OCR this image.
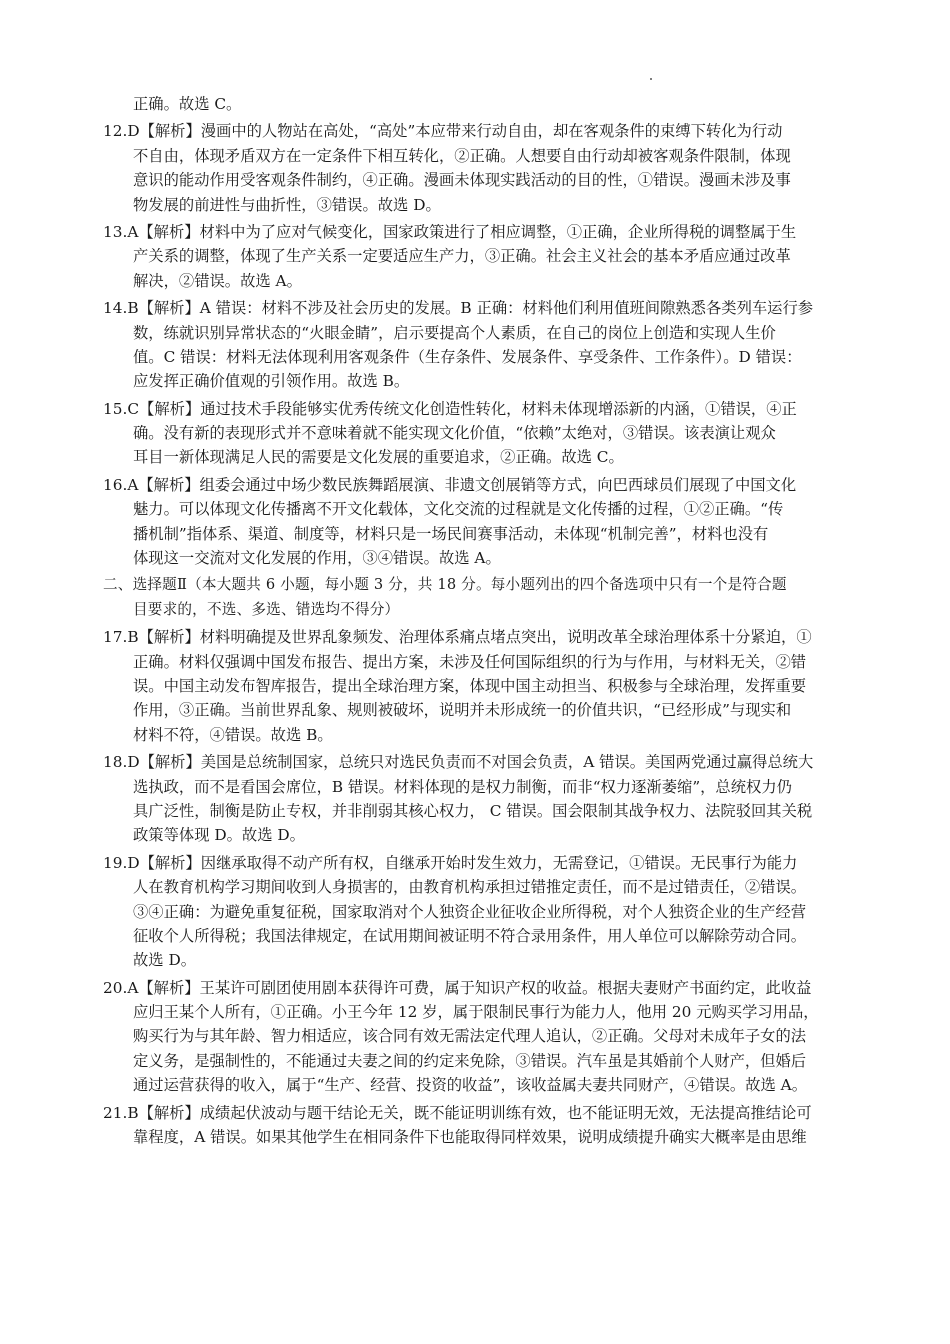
正确。故选 C。
12.D【解析】漫画中的人物站在高处，“高处”本应带来行动自由，却在客观条件的束缚下转化为行动
不自由，体现矛盾双方在一定条件下相互转化，②正确。人想要自由行动却被客观条件限制，体现
意识的能动作用受客观条件制约，④正确。漫画未体现实践活动的目的性，①错误。漫画未涉及事
物发展的前进性与曲折性，③错误。故选 D。
13.A【解析】材料中为了应对气候变化，国家政策进行了相应调整，①正确，企业所得税的调整属于生
产关系的调整，体现了生产关系一定要适应生产力，③正确。社会主义社会的基本矛盾应通过改革
解决，②错误。故选 A。
14.B【解析】A 错误：材料不涉及社会历史的发展。B 正确：材料他们利用值班间隙熟悉各类列车运行参
数，练就识别异常状态的“火眼金睛”，启示要提高个人素质，在自己的岗位上创造和实现人生价
值。C 错误：材料无法体现利用客观条件（生存条件、发展条件、享受条件、工作条件）。D 错误：
应发挥正确价值观的引领作用。故选 B。
15.C【解析】通过技术手段能够实优秀传统文化创造性转化，材料未体现增添新的内涵，①错误，④正
确。没有新的表现形式并不意味着就不能实现文化价值，“依赖”太绝对，③错误。该表演让观众
耳目一新体现满足人民的需要是文化发展的重要追求，②正确。故选 C。
16.A【解析】组委会通过中场少数民族舞蹈展演、非遗文创展销等方式，向巴西球员们展现了中国文化
魅力。可以体现文化传播离不开文化载体，文化交流的过程就是文化传播的过程，①②正确。“传
播机制”指体系、渠道、制度等，材料只是一场民间赛事活动，未体现“机制完善”，材料也没有
体现这一交流对文化发展的作用，③④错误。故选 A。
二、选择题Ⅱ（本大题共 6 小题，每小题 3 分，共 18 分。每小题列出的四个备选项中只有一个是符合题
目要求的，不选、多选、错选均不得分）
17.B【解析】材料明确提及世界乱象频发、治理体系痛点堵点突出，说明改革全球治理体系十分紧迫，①
正确。材料仅强调中国发布报告、提出方案，未涉及任何国际组织的行为与作用，与材料无关，②错
误。中国主动发布智库报告，提出全球治理方案，体现中国主动担当、积极参与全球治理，发挥重要
作用，③正确。当前世界乱象、规则被破坏，说明并未形成统一的价值共识，“已经形成”与现实和
材料不符，④错误。故选 B。
18.D【解析】美国是总统制国家，总统只对选民负责而不对国会负责，A 错误。美国两党通过赢得总统大
选执政，而不是看国会席位，B 错误。材料体现的是权力制衡，而非“权力逐渐萎缩”，总统权力仍
具广泛性，制衡是防止专权，并非削弱其核心权力， C 错误。国会限制其战争权力、法院驳回其关税
政策等体现 D。故选 D。
19.D【解析】因继承取得不动产所有权，自继承开始时发生效力，无需登记，①错误。无民事行为能力
人在教育机构学习期间收到人身损害的，由教育机构承担过错推定责任，而不是过错责任，②错误。
③④正确：为避免重复征税，国家取消对个人独资企业征收企业所得税，对个人独资企业的生产经营
征收个人所得税；我国法律规定，在试用期间被证明不符合录用条件，用人单位可以解除劳动合同。
故选 D。
20.A【解析】王某许可剧团使用剧本获得许可费，属于知识产权的收益。根据夫妻财产书面约定，此收益
应归王某个人所有，①正确。小王今年 12 岁，属于限制民事行为能力人，他用 20 元购买学习用品，
购买行为与其年龄、智力相适应，该合同有效无需法定代理人追认，②正确。父母对未成年子女的法
定义务，是强制性的，不能通过夫妻之间的约定来免除，③错误。汽车虽是其婚前个人财产，但婚后
通过运营获得的收入，属于“生产、经营、投资的收益”，该收益属夫妻共同财产，④错误。故选 A。
21.B【解析】成绩起伏波动与题干结论无关，既不能证明训练有效，也不能证明无效，无法提高推结论可
靠程度，A 错误。如果其他学生在相同条件下也能取得同样效果，说明成绩提升确实大概率是由思维
